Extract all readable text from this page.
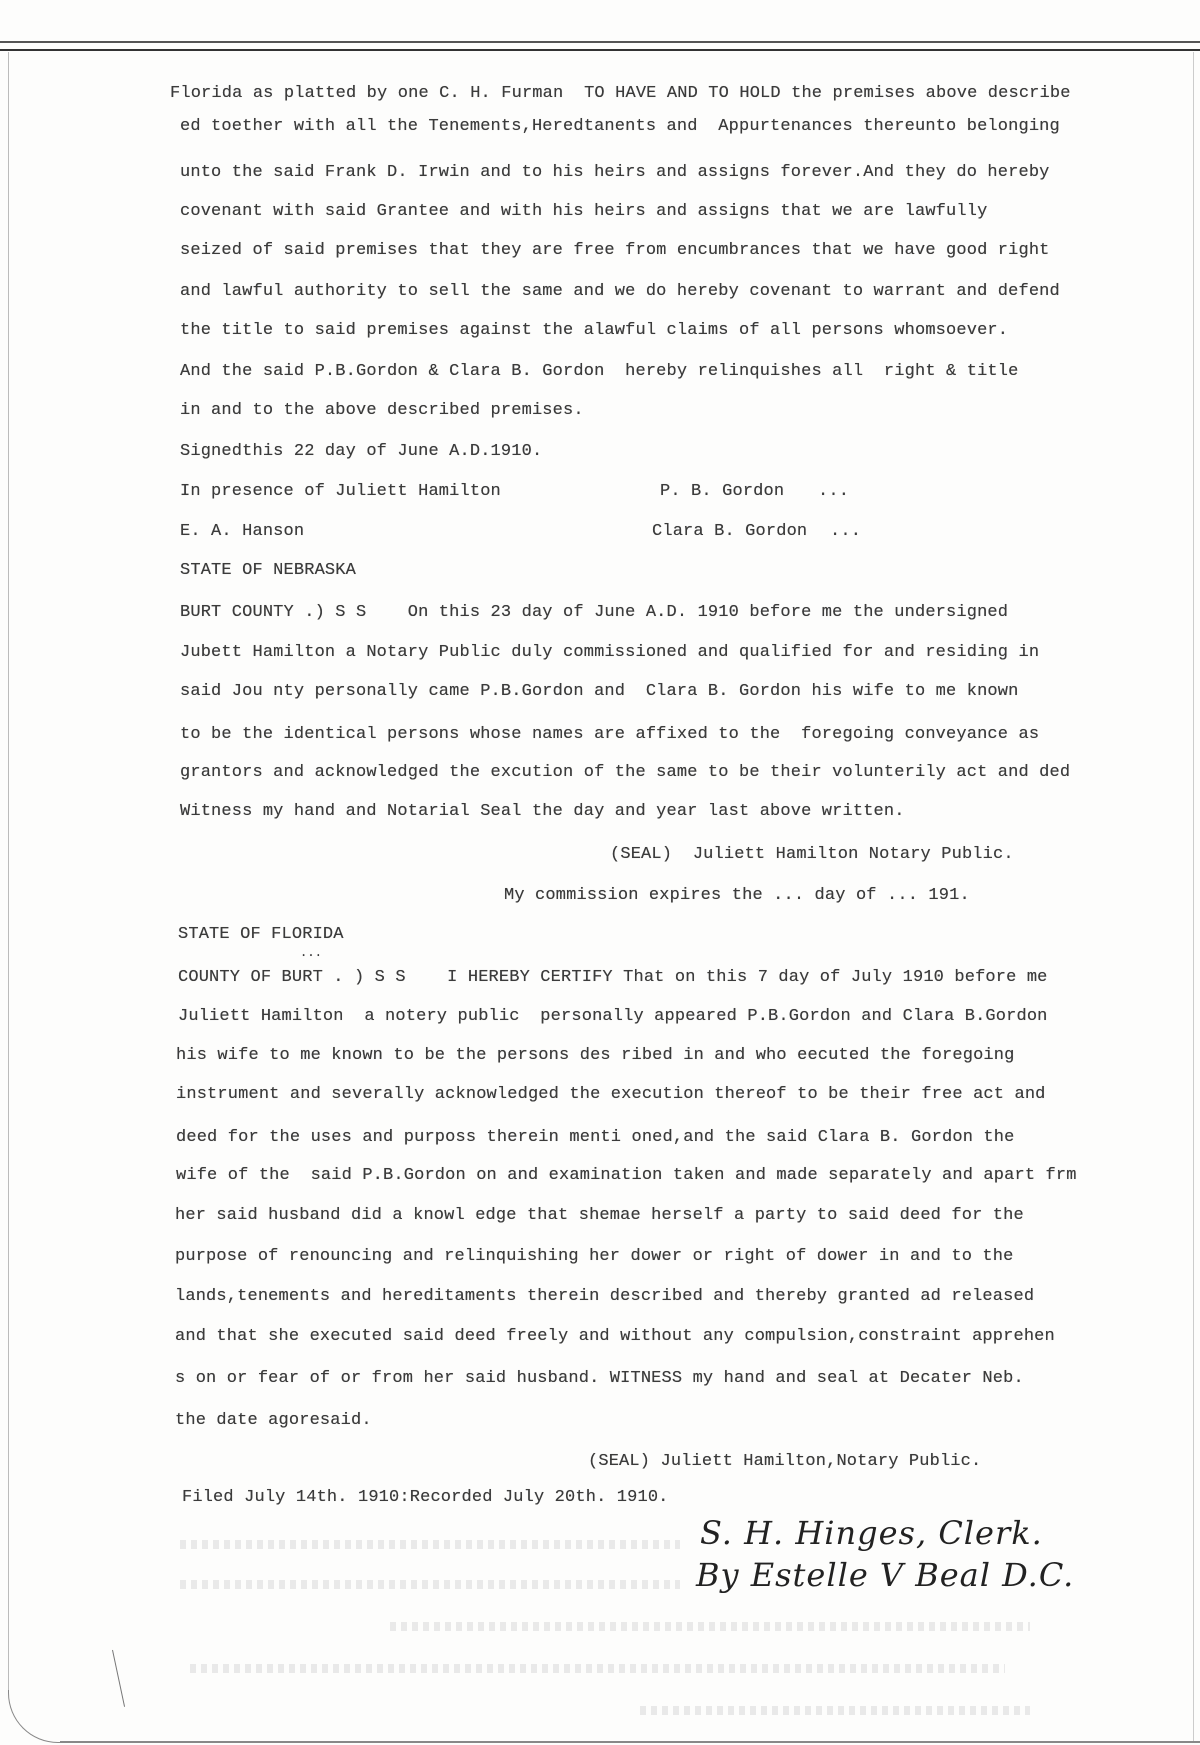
Florida as platted by one C. H. Furman  TO HAVE AND TO HOLD the premises above describe
ed toether with all the Tenements,Heredtanents and  Appurtenances thereunto belonging
unto the said Frank D. Irwin and to his heirs and assigns forever.And they do hereby
covenant with said Grantee and with his heirs and assigns that we are lawfully
seized of said premises that they are free from encumbrances that we have good right
and lawful authority to sell the same and we do hereby covenant to warrant and defend
the title to said premises against the alawful claims of all persons whomsoever.
And the said P.B.Gordon & Clara B. Gordon  hereby relinquishes all  right & title
in and to the above described premises.
Signedthis 22 day of June A.D.1910.
In presence of Juliett Hamilton	P. B. Gordon ...
E. A. Hanson	Clara B. Gordon ...
STATE OF NEBRASKA
BURT COUNTY .) S S    On this 23 day of June A.D. 1910 before me the undersigned
Jubett Hamilton a Notary Public duly commissioned and qualified for and residing in
said Jou nty personally came P.B.Gordon and  Clara B. Gordon his wife to me known
to be the identical persons whose names are affixed to the  foregoing conveyance as
grantors and acknowledged the excution of the same to be their volunterily act and ded
Witness my hand and Notarial Seal the day and year last above written.
(SEAL)  Juliett Hamilton Notary Public.
My commission expires the ... day of ... 191.
STATE OF FLORIDA
...
COUNTY OF BURT . ) S S    I HEREBY CERTIFY That on this 7 day of July 1910 before me
Juliett Hamilton  a notery public  personally appeared P.B.Gordon and Clara B.Gordon
his wife to me known to be the persons des ribed in and who eecuted the foregoing
instrument and severally acknowledged the execution thereof to be their free act and
deed for the uses and purposs therein menti oned,and the said Clara B. Gordon the
wife of the  said P.B.Gordon on and examination taken and made separately and apart frm
her said husband did a knowl edge that shemae herself a party to said deed for the
purpose of renouncing and relinquishing her dower or right of dower in and to the
lands,tenements and hereditaments therein described and thereby granted ad released
and that she executed said deed freely and without any compulsion,constraint apprehen
s on or fear of or from her said husband. WITNESS my hand and seal at Decater Neb.
the date agoresaid.
(SEAL) Juliett Hamilton,Notary Public.
Filed July 14th. 1910:Recorded July 20th. 1910.
S. H. Hinges, Clerk.
By Estelle V Beal D.C.
